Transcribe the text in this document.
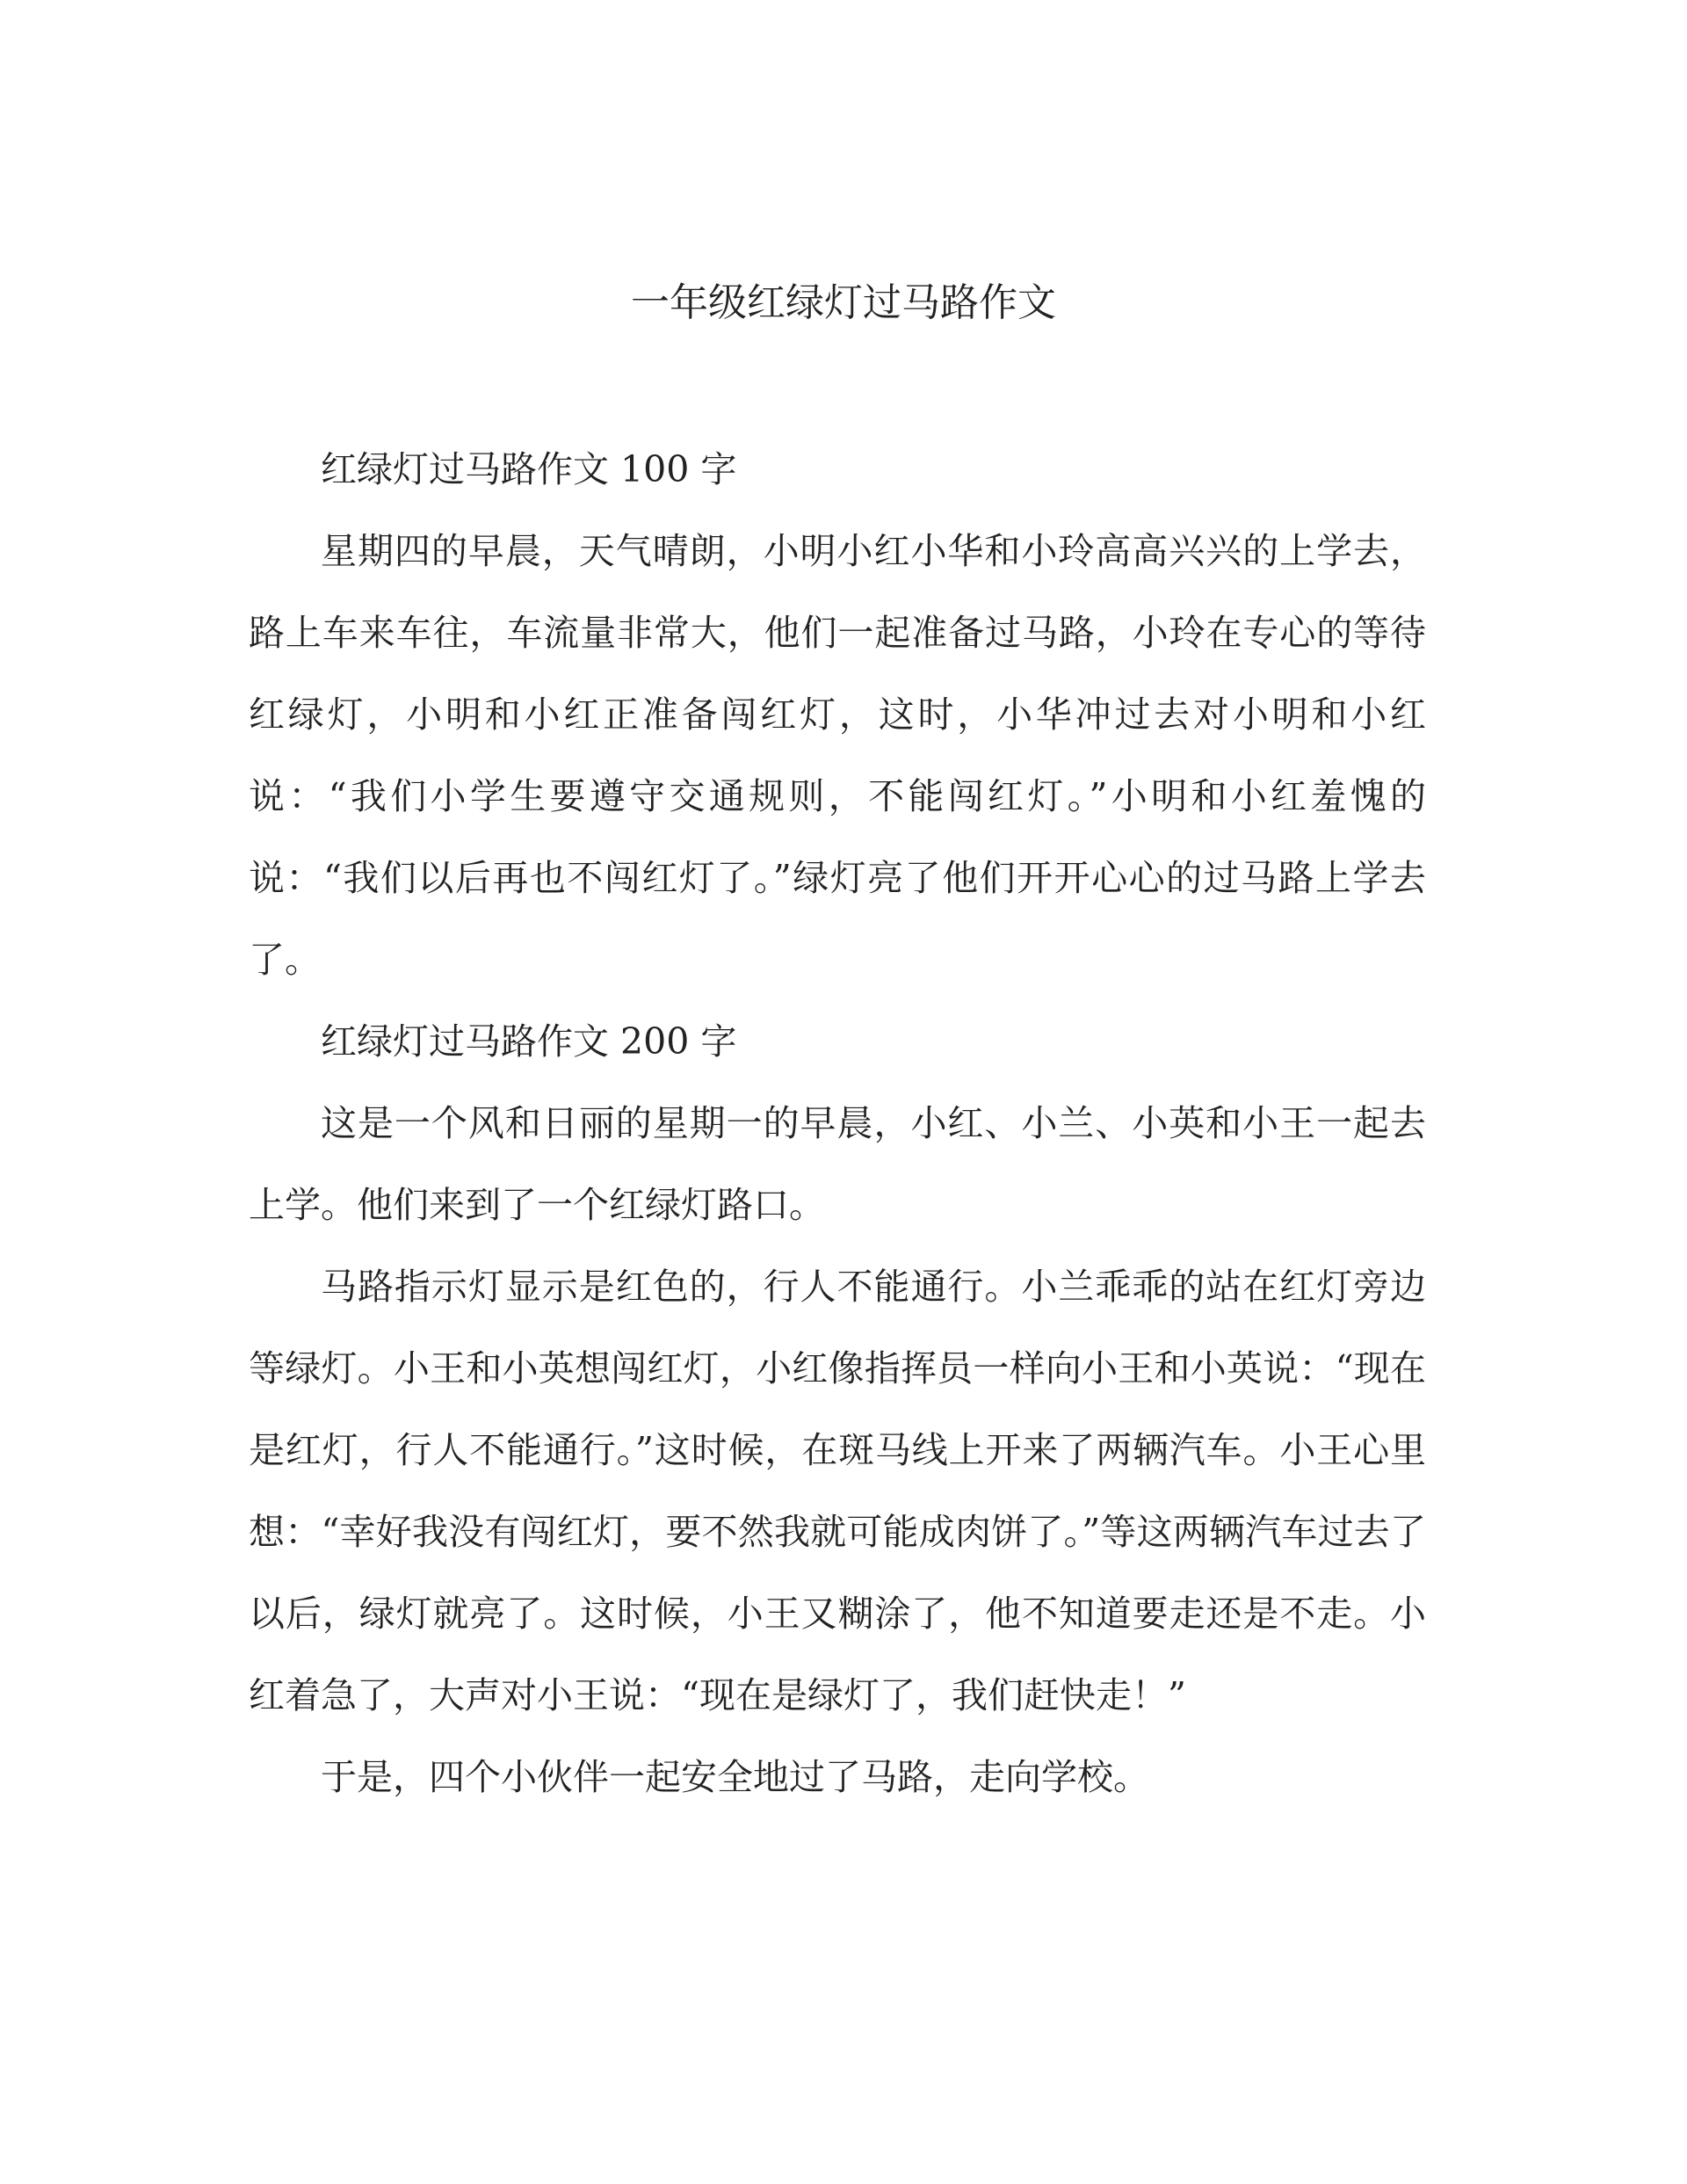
一年级红绿灯过马路作文

红绿灯过马路作文 100 字

星期四的早晨，天气晴朗，小明小红小华和小玲高高兴兴的上学去，路上车来车往，车流量非常大，他们一起准备过马路，小玲在专心的等待红绿灯，小明和小红正准备闯红灯，这时，小华冲过去对小明和小红说：“我们小学生要遵守交通规则，不能闯红灯。”小明和小红羞愧的说：“我们以后再也不闯红灯了。”绿灯亮了他们开开心心的过马路上学去了。

红绿灯过马路作文 200 字

这是一个风和日丽的星期一的早晨，小红、小兰、小英和小王一起去上学。他们来到了一个红绿灯路口。

马路指示灯显示是红色的，行人不能通行。小兰乖乖的站在红灯旁边等绿灯。小王和小英想闯红灯，小红像指挥员一样向小王和小英说：“现在是红灯，行人不能通行。”这时候，在斑马线上开来了两辆汽车。小王心里想：“幸好我没有闯红灯，要不然我就可能成肉饼了。”等这两辆汽车过去了以后，绿灯就亮了。这时候，小王又糊涂了，他不知道要走还是不走。小红着急了，大声对小王说：“现在是绿灯了，我们赶快走！”

于是，四个小伙伴一起安全地过了马路，走向学校。
